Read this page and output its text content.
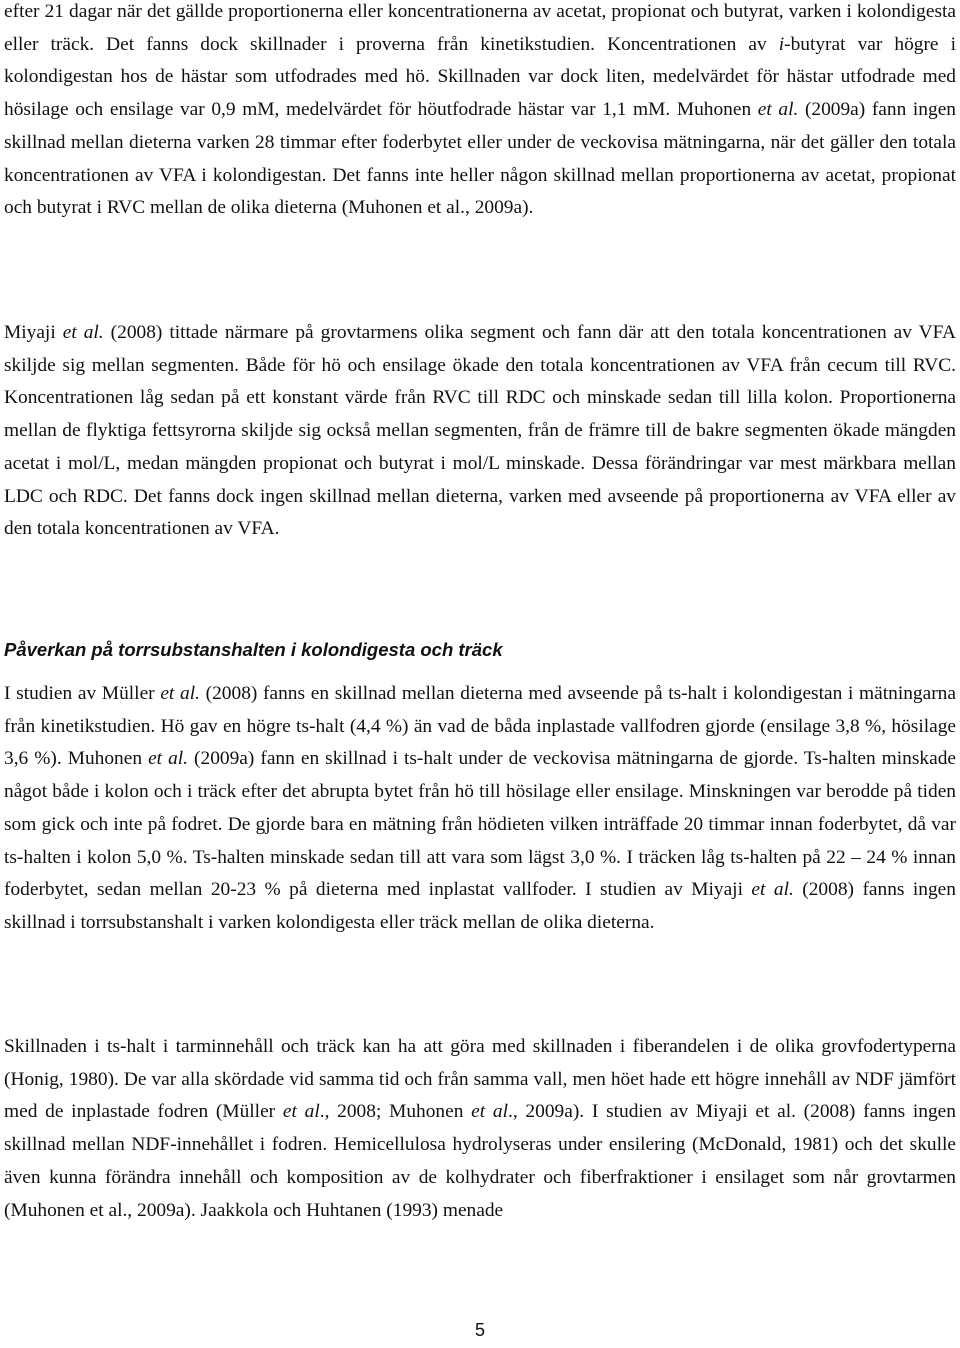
efter 21 dagar när det gällde proportionerna eller koncentrationerna av acetat, propionat och butyrat, varken i kolondigesta eller träck. Det fanns dock skillnader i proverna från kinetikstudien. Koncentrationen av i-butyrat var högre i kolondigestan hos de hästar som utfodrades med hö. Skillnaden var dock liten, medelvärdet för hästar utfodrade med hösilage och ensilage var 0,9 mM, medelvärdet för höutfodrade hästar var 1,1 mM. Muhonen et al. (2009a) fann ingen skillnad mellan dieterna varken 28 timmar efter foderbytet eller under de veckovisa mätningarna, när det gäller den totala koncentrationen av VFA i kolondigestan. Det fanns inte heller någon skillnad mellan proportionerna av acetat, propionat och butyrat i RVC mellan de olika dieterna (Muhonen et al., 2009a).

Miyaji et al. (2008) tittade närmare på grovtarmens olika segment och fann där att den totala koncentrationen av VFA skiljde sig mellan segmenten. Både för hö och ensilage ökade den totala koncentrationen av VFA från cecum till RVC. Koncentrationen låg sedan på ett konstant värde från RVC till RDC och minskade sedan till lilla kolon. Proportionerna mellan de flyktiga fettsyrorna skiljde sig också mellan segmenten, från de främre till de bakre segmenten ökade mängden acetat i mol/L, medan mängden propionat och butyrat i mol/L minskade. Dessa förändringar var mest märkbara mellan LDC och RDC. Det fanns dock ingen skillnad mellan dieterna, varken med avseende på proportionerna av VFA eller av den totala koncentrationen av VFA.

Påverkan på torrsubstanshalten i kolondigesta och träck

I studien av Müller et al. (2008) fanns en skillnad mellan dieterna med avseende på ts-halt i kolondigestan i mätningarna från kinetikstudien. Hö gav en högre ts-halt (4,4 %) än vad de båda inplastade vallfodren gjorde (ensilage 3,8 %, hösilage 3,6 %). Muhonen et al. (2009a) fann en skillnad i ts-halt under de veckovisa mätningarna de gjorde. Ts-halten minskade något både i kolon och i träck efter det abrupta bytet från hö till hösilage eller ensilage. Minskningen var berodde på tiden som gick och inte på fodret. De gjorde bara en mätning från hödieten vilken inträffade 20 timmar innan foderbytet, då var ts-halten i kolon 5,0 %. Ts-halten minskade sedan till att vara som lägst 3,0 %. I träcken låg ts-halten på 22 – 24 % innan foderbytet, sedan mellan 20-23 % på dieterna med inplastat vallfoder. I studien av Miyaji et al. (2008) fanns ingen skillnad i torrsubstanshalt i varken kolondigesta eller träck mellan de olika dieterna.

Skillnaden i ts-halt i tarminnehåll och träck kan ha att göra med skillnaden i fiberandelen i de olika grovfodertyperna (Honig, 1980). De var alla skördade vid samma tid och från samma vall, men höet hade ett högre innehåll av NDF jämfört med de inplastade fodren (Müller et al., 2008; Muhonen et al., 2009a). I studien av Miyaji et al. (2008) fanns ingen skillnad mellan NDF-innehållet i fodren. Hemicellulosa hydrolyseras under ensilering (McDonald, 1981) och det skulle även kunna förändra innehåll och komposition av de kolhydrater och fiberfraktioner i ensilaget som når grovtarmen (Muhonen et al., 2009a). Jaakkola och Huhtanen (1993) menade

5
